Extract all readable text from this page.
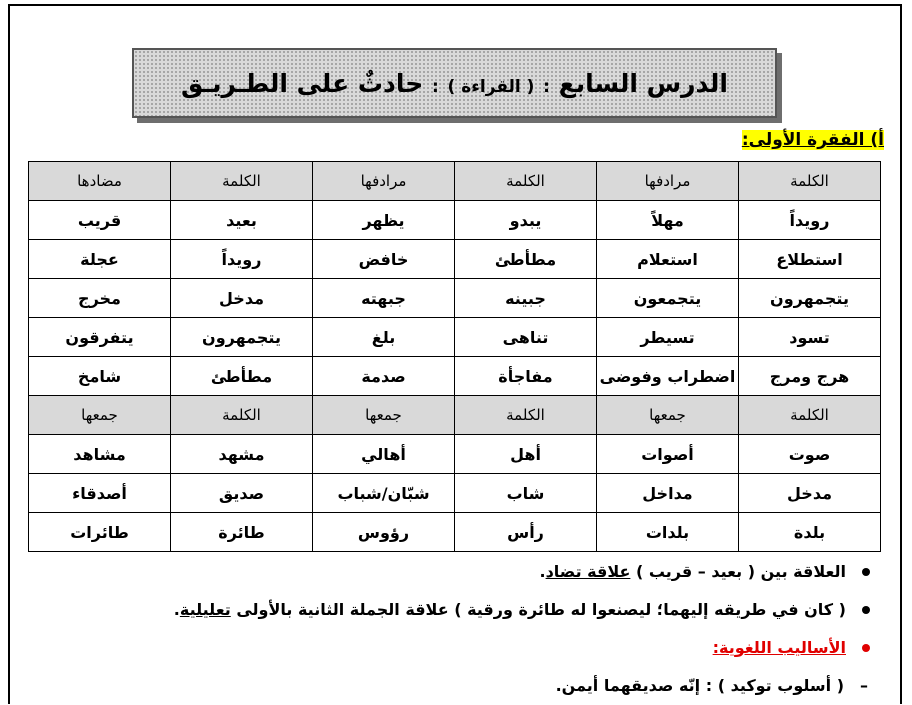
الدرس السابع : ( القراءة ) : حادثٌ على الطـريـق
أ) الفقرة الأولى:
الكلمة	مرادفها	الكلمة	مرادفها	الكلمة	مضادها
رويداً	مهلاً	يبدو	يظهر	بعيد	قريب
استطلاع	استعلام	مطأطئ	خافض	رويداً	عجلة
يتجمهرون	يتجمعون	جبينه	جبهته	مدخل	مخرج
تسود	تسيطر	تناهى	بلغ	يتجمهرون	يتفرقون
هرج ومرج	اضطراب وفوضى	مفاجأة	صدمة	مطأطئ	شامخ
الكلمة	جمعها	الكلمة	جمعها	الكلمة	جمعها
صوت	أصوات	أهل	أهالي	مشهد	مشاهد
مدخل	مداخل	شاب	شبّان/شباب	صديق	أصدقاء
بلدة	بلدات	رأس	رؤوس	طائرة	طائرات
العلاقة بين ( بعيد – قريب ) علاقة تضاد.
( كان في طريقه إليهما؛ ليصنعوا له طائرة ورقية ) علاقة الجملة الثانية بالأولى تعليلية.
الأساليب اللغوية:
–
( أسلوب توكيد ) : إنّه صديقهما أيمن.
